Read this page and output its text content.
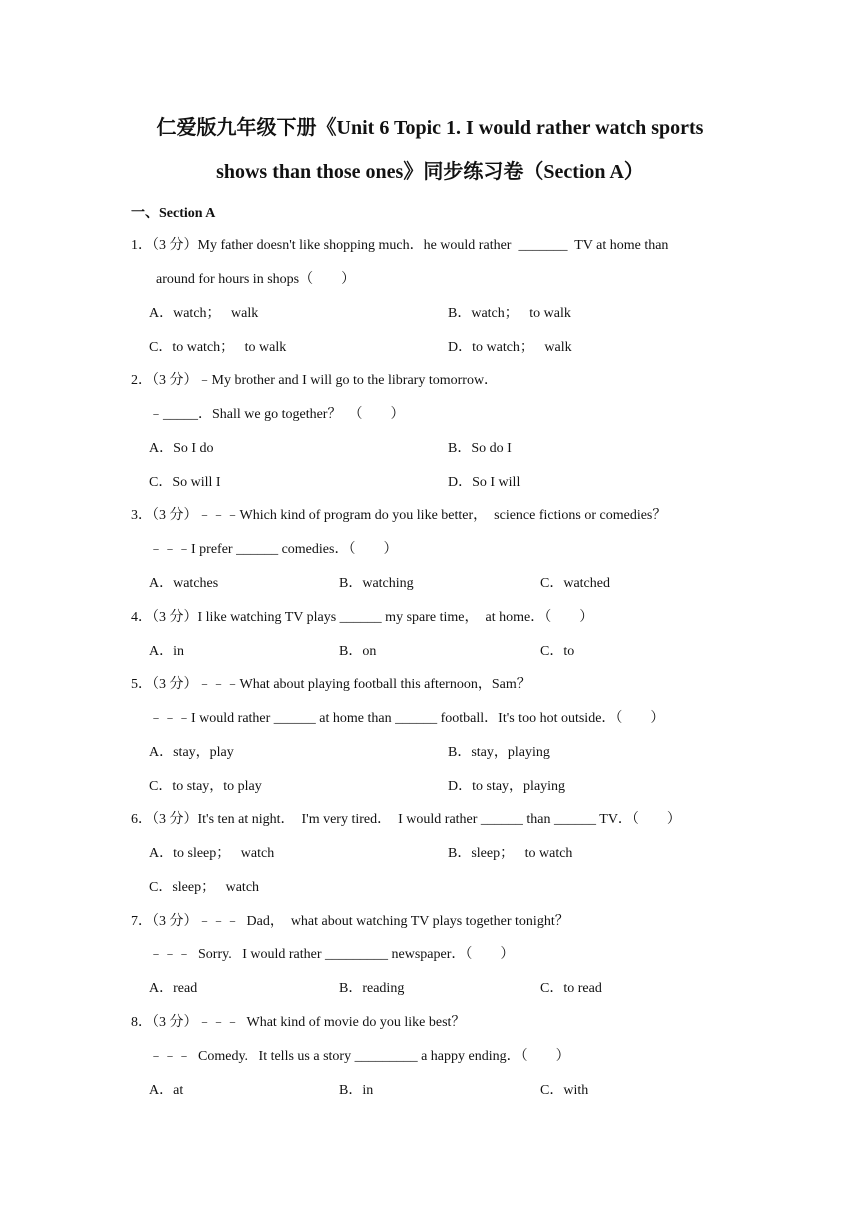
仁爱版九年级下册《Unit 6 Topic 1. I would rather watch sports
shows than those ones》同步练习卷（Section A）
一、Section A
1．（3 分）My father doesn't like shopping much．he would rather  _______  TV at home than
around for hours in shops（　　）
A．watch；   walk	B．watch；   to walk
C．to watch；   to walk	D．to watch；   walk
2．（3 分）﹣My brother and I will go to the library tomorrow．
﹣_____．Shall we go together？　（　　）
A．So I do	B．So do I
C．So will I	D．So I will
3．（3 分）﹣﹣﹣Which kind of program do you like better，  science fictions or comedies？
﹣﹣﹣I prefer ______ comedies．（　　）
A．watches	B．watching	C．watched
4．（3 分）I like watching TV plays ______ my spare time，  at home．（　　）
A．in	B．on	C．to
5．（3 分）﹣﹣﹣What about playing football this afternoon，Sam？
﹣﹣﹣I would rather ______ at home than ______ football．It's too hot outside．（　　）
A．stay，play	B．stay，playing
C．to stay，to play	D．to stay，playing
6．（3 分）It's ten at night．  I'm very tired．  I would rather ______ than ______ TV．（　　）
A．to sleep；   watch	B．sleep；   to watch
C．sleep；   watch
7．（3 分）﹣﹣﹣  Dad，  what about watching TV plays together tonight？
﹣﹣﹣  Sorry.   I would rather _________ newspaper．（　　）
A．read	B．reading	C．to read
8．（3 分）﹣﹣﹣  What kind of movie do you like best？
﹣﹣﹣  Comedy.   It tells us a story _________ a happy ending．（　　）
A．at	B．in	C．with
